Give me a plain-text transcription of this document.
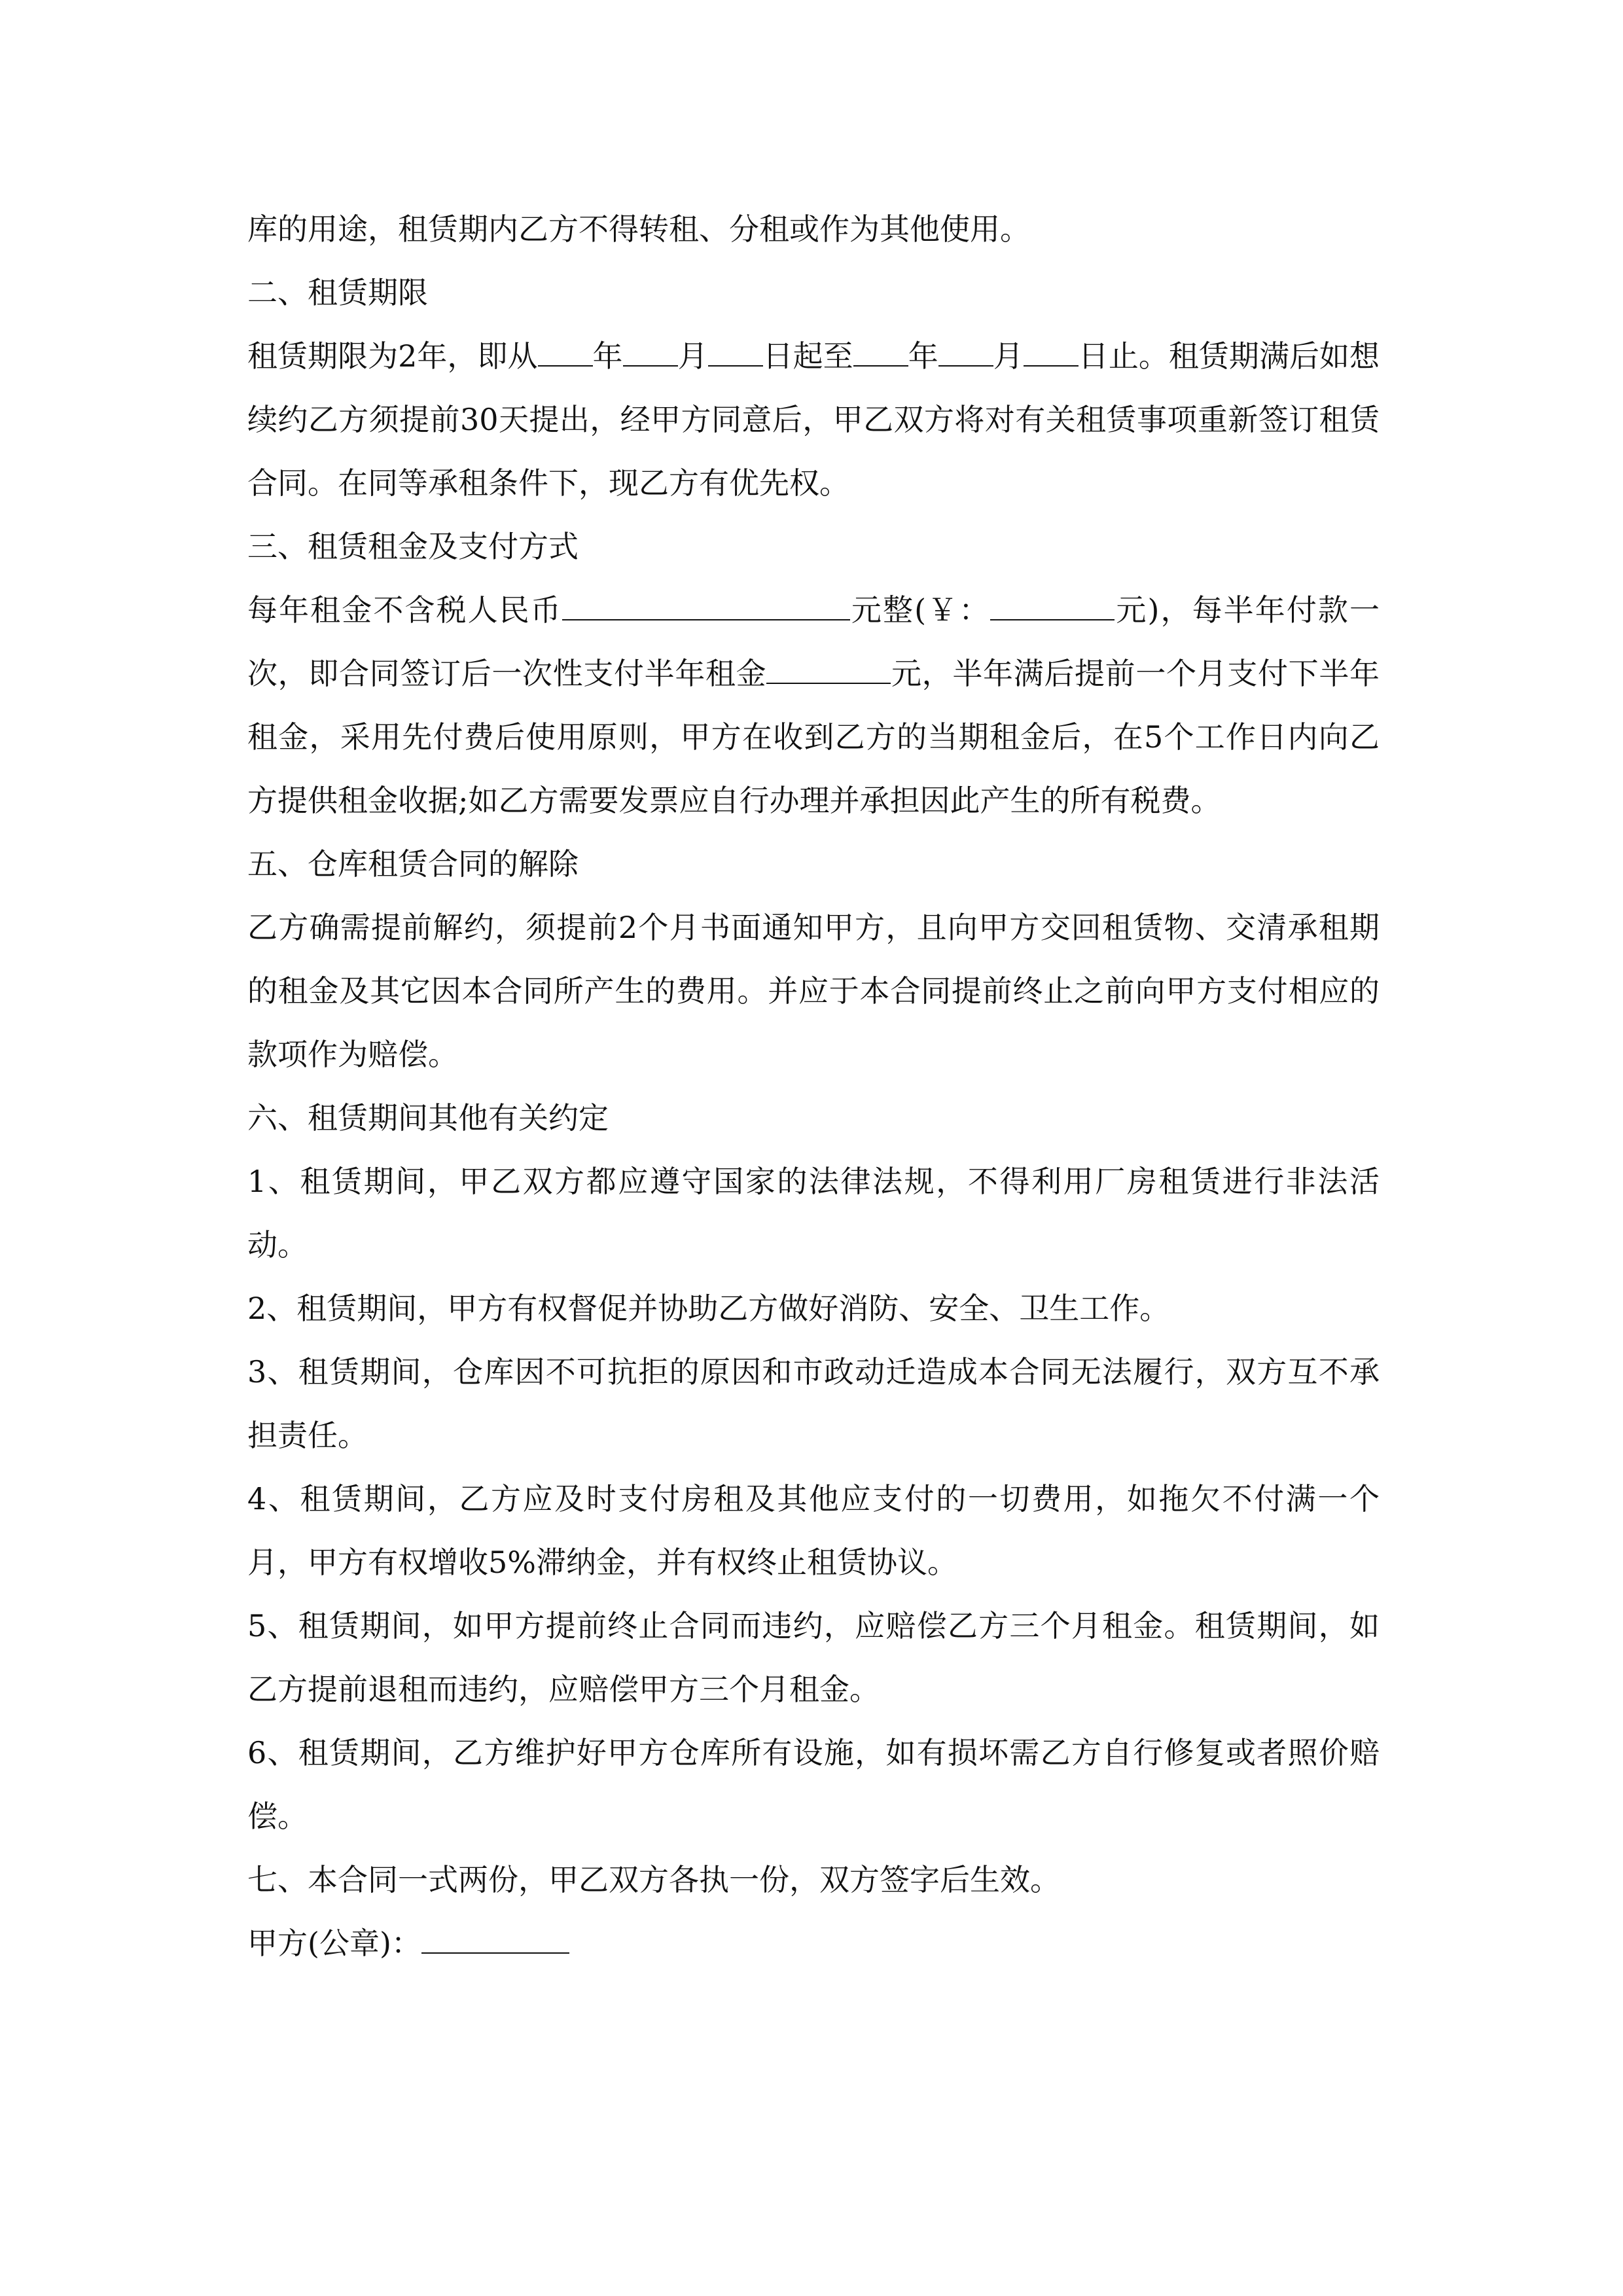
库的用途，租赁期内乙方不得转租、分租或作为其他使用。

二、租赁期限

租赁期限为2年，即从 年 月 日起至 年 月 日止。租赁期满后如想续约乙方须提前30天提出，经甲方同意后，甲乙双方将对有关租赁事项重新签订租赁合同。在同等承租条件下，现乙方有优先权。

三、租赁租金及支付方式

每年租金不含税人民币	元整(￥：	元)，每半年付款一次，即合同签订后一次性支付半年租金	元，半年满后提前一个月支付下半年租金，采用先付费后使用原则，甲方在收到乙方的当期租金后，在5个工作日内向乙方提供租金收据;如乙方需要发票应自行办理并承担因此产生的所有税费。

五、仓库租赁合同的解除

乙方确需提前解约，须提前2个月书面通知甲方，且向甲方交回租赁物、交清承租期的租金及其它因本合同所产生的费用。并应于本合同提前终止之前向甲方支付相应的款项作为赔偿。

六、租赁期间其他有关约定

1、租赁期间，甲乙双方都应遵守国家的法律法规，不得利用厂房租赁进行非法活动。

2、租赁期间，甲方有权督促并协助乙方做好消防、安全、卫生工作。

3、租赁期间，仓库因不可抗拒的原因和市政动迁造成本合同无法履行，双方互不承担责任。

4、租赁期间，乙方应及时支付房租及其他应支付的一切费用，如拖欠不付满一个月，甲方有权增收5%滞纳金，并有权终止租赁协议。

5、租赁期间，如甲方提前终止合同而违约，应赔偿乙方三个月租金。租赁期间，如乙方提前退租而违约，应赔偿甲方三个月租金。

6、租赁期间，乙方维护好甲方仓库所有设施，如有损坏需乙方自行修复或者照价赔偿。

七、本合同一式两份，甲乙双方各执一份，双方签字后生效。

甲方(公章)：
